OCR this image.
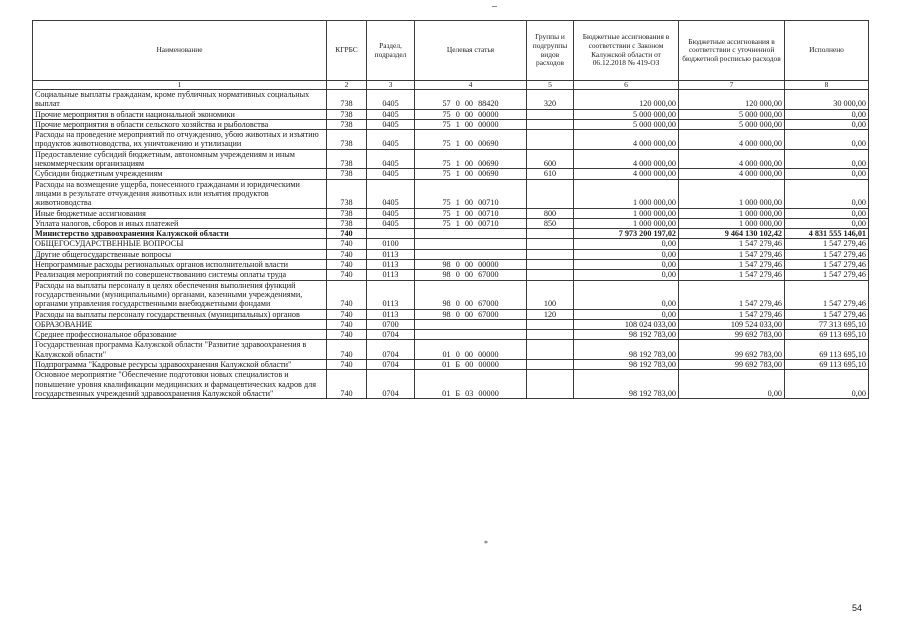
Наименование	КГРБС	Раздел, подраздел	Целевая статья	Группы и подгруппы видов расходов	Бюджетные ассигнования в соответствии с Законом Калужской области от 06.12.2018 № 419-ОЗ	Бюджетные ассигнования в соответствии с уточненной бюджетной росписью расходов	Исполнено
1	2	3	4	5	6	7	8
Социальные выплаты гражданам, кроме публичных нормативных социальных выплат	738	0405	57 0 00 88420	320	120 000,00	120 000,00	30 000,00
Прочие мероприятия в области национальной экономики	738	0405	75 0 00 00000		5 000 000,00	5 000 000,00	0,00
Прочие мероприятия в области сельского хозяйства и рыболовства	738	0405	75 1 00 00000		5 000 000,00	5 000 000,00	0,00
Расходы на проведение мероприятий по отчуждению, убою животных и изъятию продуктов животноводства, их уничтожению и утилизации	738	0405	75 1 00 00690		4 000 000,00	4 000 000,00	0,00
Предоставление субсидий бюджетным, автономным учреждениям и иным некоммерческим организациям	738	0405	75 1 00 00690	600	4 000 000,00	4 000 000,00	0,00
Субсидии бюджетным учреждениям	738	0405	75 1 00 00690	610	4 000 000,00	4 000 000,00	0,00
Расходы на возмещение ущерба, понесенного гражданами и юридическими лицами в результате отчуждения животных или изъятия продуктов животноводства	738	0405	75 1 00 00710		1 000 000,00	1 000 000,00	0,00
Иные бюджетные ассигнования	738	0405	75 1 00 00710	800	1 000 000,00	1 000 000,00	0,00
Уплата налогов, сборов и иных платежей	738	0405	75 1 00 00710	850	1 000 000,00	1 000 000,00	0,00
Министерство здравоохранения Калужской области	740				7 973 200 197,02	9 464 130 102,42	4 831 555 146,01
ОБЩЕГОСУДАРСТВЕННЫЕ ВОПРОСЫ	740	0100			0,00	1 547 279,46	1 547 279,46
Другие общегосударственные вопросы	740	0113			0,00	1 547 279,46	1 547 279,46
Непрограммные расходы региональных органов исполнительной власти	740	0113	98 0 00 00000		0,00	1 547 279,46	1 547 279,46
Реализация мероприятий по совершенствованию системы оплаты труда	740	0113	98 0 00 67000		0,00	1 547 279,46	1 547 279,46
Расходы на выплаты персоналу в целях обеспечения выполнения функций государственными (муниципальными) органами, казенными учреждениями, органами управления государственными внебюджетными фондами	740	0113	98 0 00 67000	100	0,00	1 547 279,46	1 547 279,46
Расходы на выплаты персоналу государственных (муниципальных) органов	740	0113	98 0 00 67000	120	0,00	1 547 279,46	1 547 279,46
ОБРАЗОВАНИЕ	740	0700			108 024 033,00	109 524 033,00	77 313 695,10
Среднее профессиональное образование	740	0704			98 192 783,00	99 692 783,00	69 113 695,10
Государственная программа Калужской области "Развитие здравоохранения в Калужской области"	740	0704	01 0 00 00000		98 192 783,00	99 692 783,00	69 113 695,10
Подпрограмма "Кадровые ресурсы здравоохранения Калужской области"	740	0704	01 Б 00 00000		98 192 783,00	99 692 783,00	69 113 695,10
Основное мероприятие "Обеспечение подготовки новых специалистов и повышение уровня квалификации медицинских и фармацевтических кадров для государственных учреждений здравоохранения Калужской области"	740	0704	01 Б 03 00000		98 192 783,00	0,00	0,00
*
54
